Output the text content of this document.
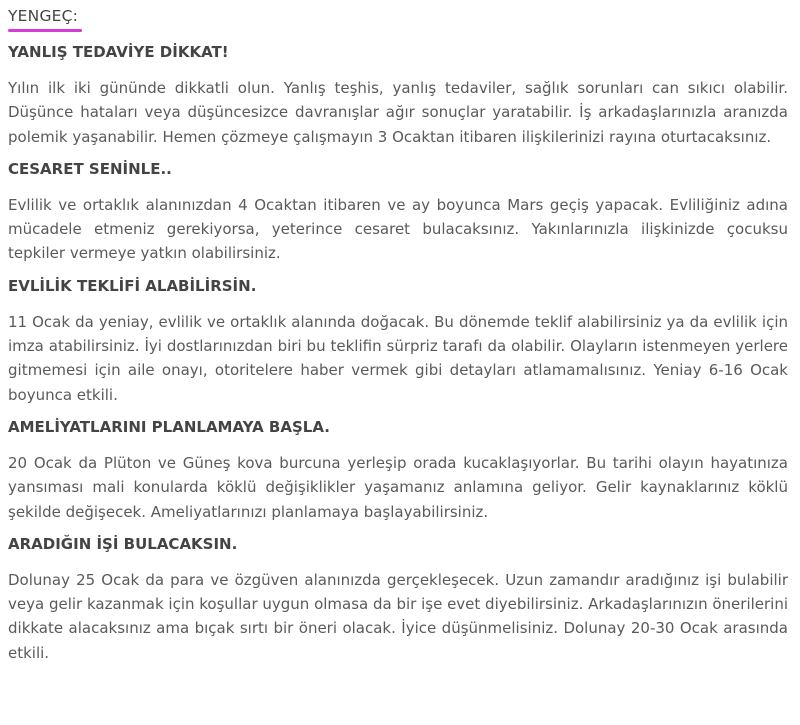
YENGEÇ:
YANLIŞ TEDAVİYE DİKKAT!

Yılın ilk iki gününde dikkatli olun. Yanlış teşhis, yanlış tedaviler, sağlık sorunları can sıkıcı olabilir. Düşünce hataları veya düşüncesizce davranışlar ağır sonuçlar yaratabilir. İş arkadaşlarınızla aranızda polemik yaşanabilir. Hemen çözmeye çalışmayın 3 Ocaktan itibaren ilişkilerinizi rayına oturtacaksınız.

CESARET SENİNLE..

Evlilik ve ortaklık alanınızdan 4 Ocaktan itibaren ve ay boyunca Mars geçiş yapacak. Evliliğiniz adına mücadele etmeniz gerekiyorsa, yeterince cesaret bulacaksınız. Yakınlarınızla ilişkinizde çocuksu tepkiler vermeye yatkın olabilirsiniz.

EVLİLİK TEKLİFİ ALABİLİRSİN.

11 Ocak da yeniay, evlilik ve ortaklık alanında doğacak. Bu dönemde teklif alabilirsiniz ya da evlilik için imza atabilirsiniz. İyi dostlarınızdan biri bu teklifin sürpriz tarafı da olabilir. Olayların istenmeyen yerlere gitmemesi için aile onayı, otoritelere haber vermek gibi detayları atlamamalısınız. Yeniay 6-16 Ocak boyunca etkili.

AMELİYATLARINI PLANLAMAYA BAŞLA.

20 Ocak da Plüton ve Güneş kova burcuna yerleşip orada kucaklaşıyorlar. Bu tarihi olayın hayatınıza yansıması mali konularda köklü değişiklikler yaşamanız anlamına geliyor. Gelir kaynaklarınız köklü şekilde değişecek. Ameliyatlarınızı planlamaya başlayabilirsiniz.

ARADIĞIN İŞİ BULACAKSIN.

Dolunay 25 Ocak da para ve özgüven alanınızda gerçekleşecek. Uzun zamandır aradığınız işi bulabilir veya gelir kazanmak için koşullar uygun olmasa da bir işe evet diyebilirsiniz. Arkadaşlarınızın önerilerini dikkate alacaksınız ama bıçak sırtı bir öneri olacak. İyice düşünmelisiniz. Dolunay 20-30 Ocak arasında etkili.
